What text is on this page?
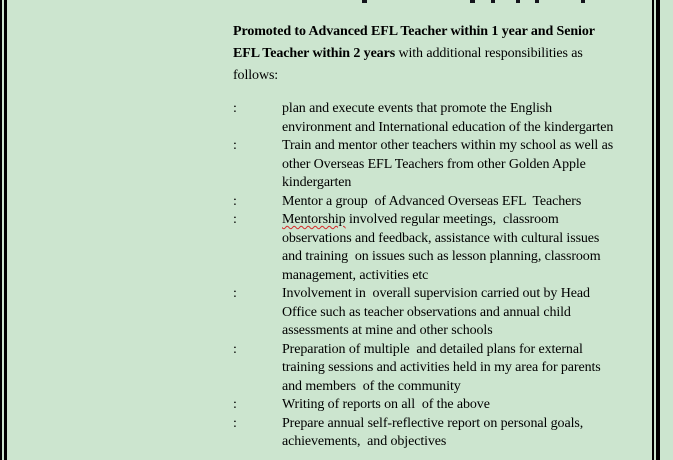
Promoted to Advanced EFL Teacher within 1 year and Senior
EFL Teacher within 2 years with additional responsibilities as
follows:
:	plan and execute events that promote the English
environment and International education of the kindergarten
:	Train and mentor other teachers within my school as well as
other Overseas EFL Teachers from other Golden Apple
kindergarten
:	Mentor a group  of Advanced Overseas EFL  Teachers
:	Mentorship involved regular meetings,  classroom
observations and feedback, assistance with cultural issues
and training  on issues such as lesson planning, classroom
management, activities etc
:	Involvement in  overall supervision carried out by Head
Office such as teacher observations and annual child
assessments at mine and other schools
:	Preparation of multiple  and detailed plans for external
training sessions and activities held in my area for parents
and members  of the community
:	Writing of reports on all  of the above
:	Prepare annual self-reflective report on personal goals,
achievements,  and objectives
